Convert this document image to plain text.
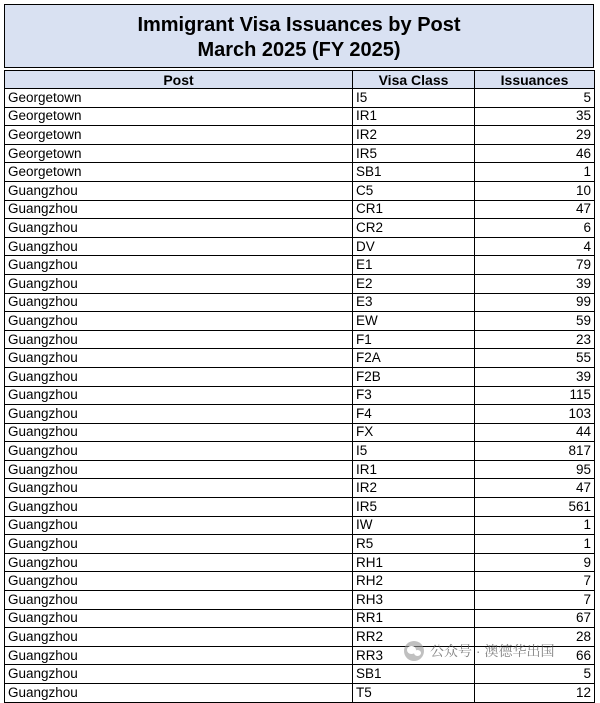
Immigrant Visa Issuances by Post
March 2025 (FY 2025)
Post	Visa Class	Issuances
Georgetown	I5	5
Georgetown	IR1	35
Georgetown	IR2	29
Georgetown	IR5	46
Georgetown	SB1	1
Guangzhou	C5	10
Guangzhou	CR1	47
Guangzhou	CR2	6
Guangzhou	DV	4
Guangzhou	E1	79
Guangzhou	E2	39
Guangzhou	E3	99
Guangzhou	EW	59
Guangzhou	F1	23
Guangzhou	F2A	55
Guangzhou	F2B	39
Guangzhou	F3	115
Guangzhou	F4	103
Guangzhou	FX	44
Guangzhou	I5	817
Guangzhou	IR1	95
Guangzhou	IR2	47
Guangzhou	IR5	561
Guangzhou	IW	1
Guangzhou	R5	1
Guangzhou	RH1	9
Guangzhou	RH2	7
Guangzhou	RH3	7
Guangzhou	RR1	67
Guangzhou	RR2	28
Guangzhou	RR3	66
Guangzhou	SB1	5
Guangzhou	T5	12
公众号 · 澳德华出国
